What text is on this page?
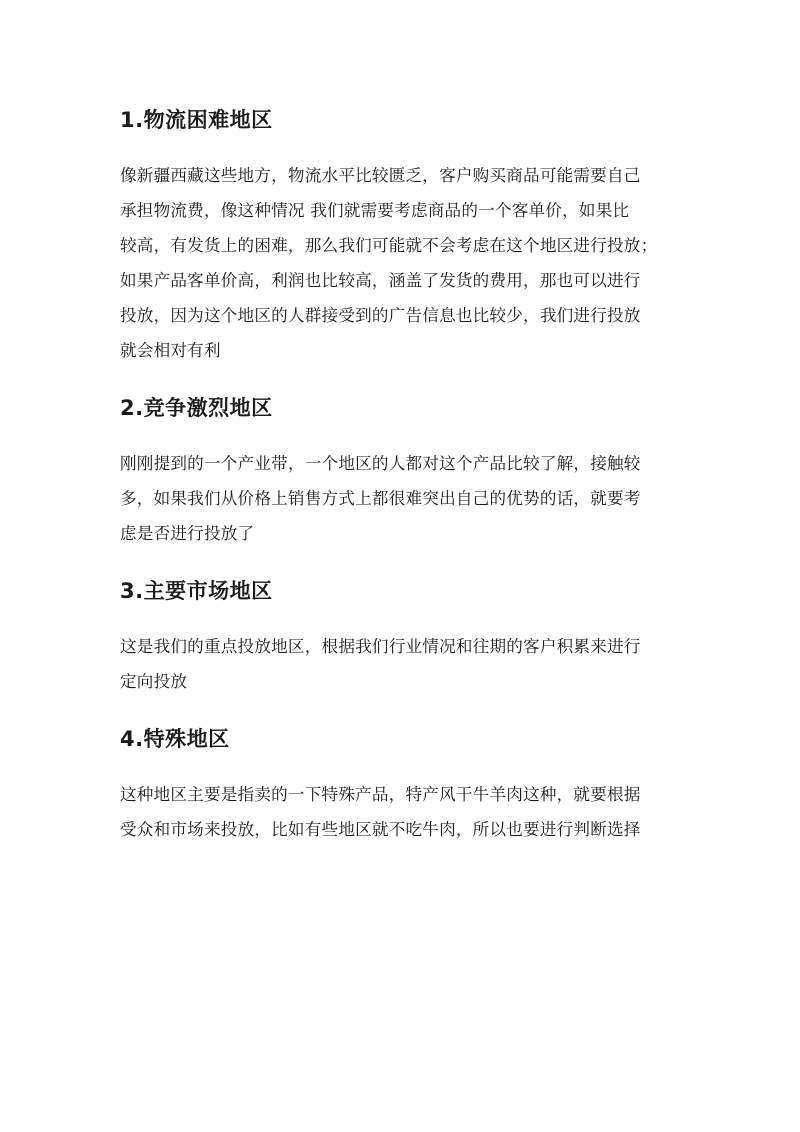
1.物流困难地区
像新疆西藏这些地方，物流水平比较匮乏，客户购买商品可能需要自己
承担物流费，像这种情况 我们就需要考虑商品的一个客单价，如果比
较高，有发货上的困难，那么我们可能就不会考虑在这个地区进行投放；
如果产品客单价高，利润也比较高，涵盖了发货的费用，那也可以进行
投放，因为这个地区的人群接受到的广告信息也比较少，我们进行投放
就会相对有利
2.竞争激烈地区
刚刚提到的一个产业带，一个地区的人都对这个产品比较了解，接触较
多，如果我们从价格上销售方式上都很难突出自己的优势的话，就要考
虑是否进行投放了
3.主要市场地区
这是我们的重点投放地区，根据我们行业情况和往期的客户积累来进行
定向投放
4.特殊地区
这种地区主要是指卖的一下特殊产品，特产风干牛羊肉这种，就要根据
受众和市场来投放，比如有些地区就不吃牛肉，所以也要进行判断选择
